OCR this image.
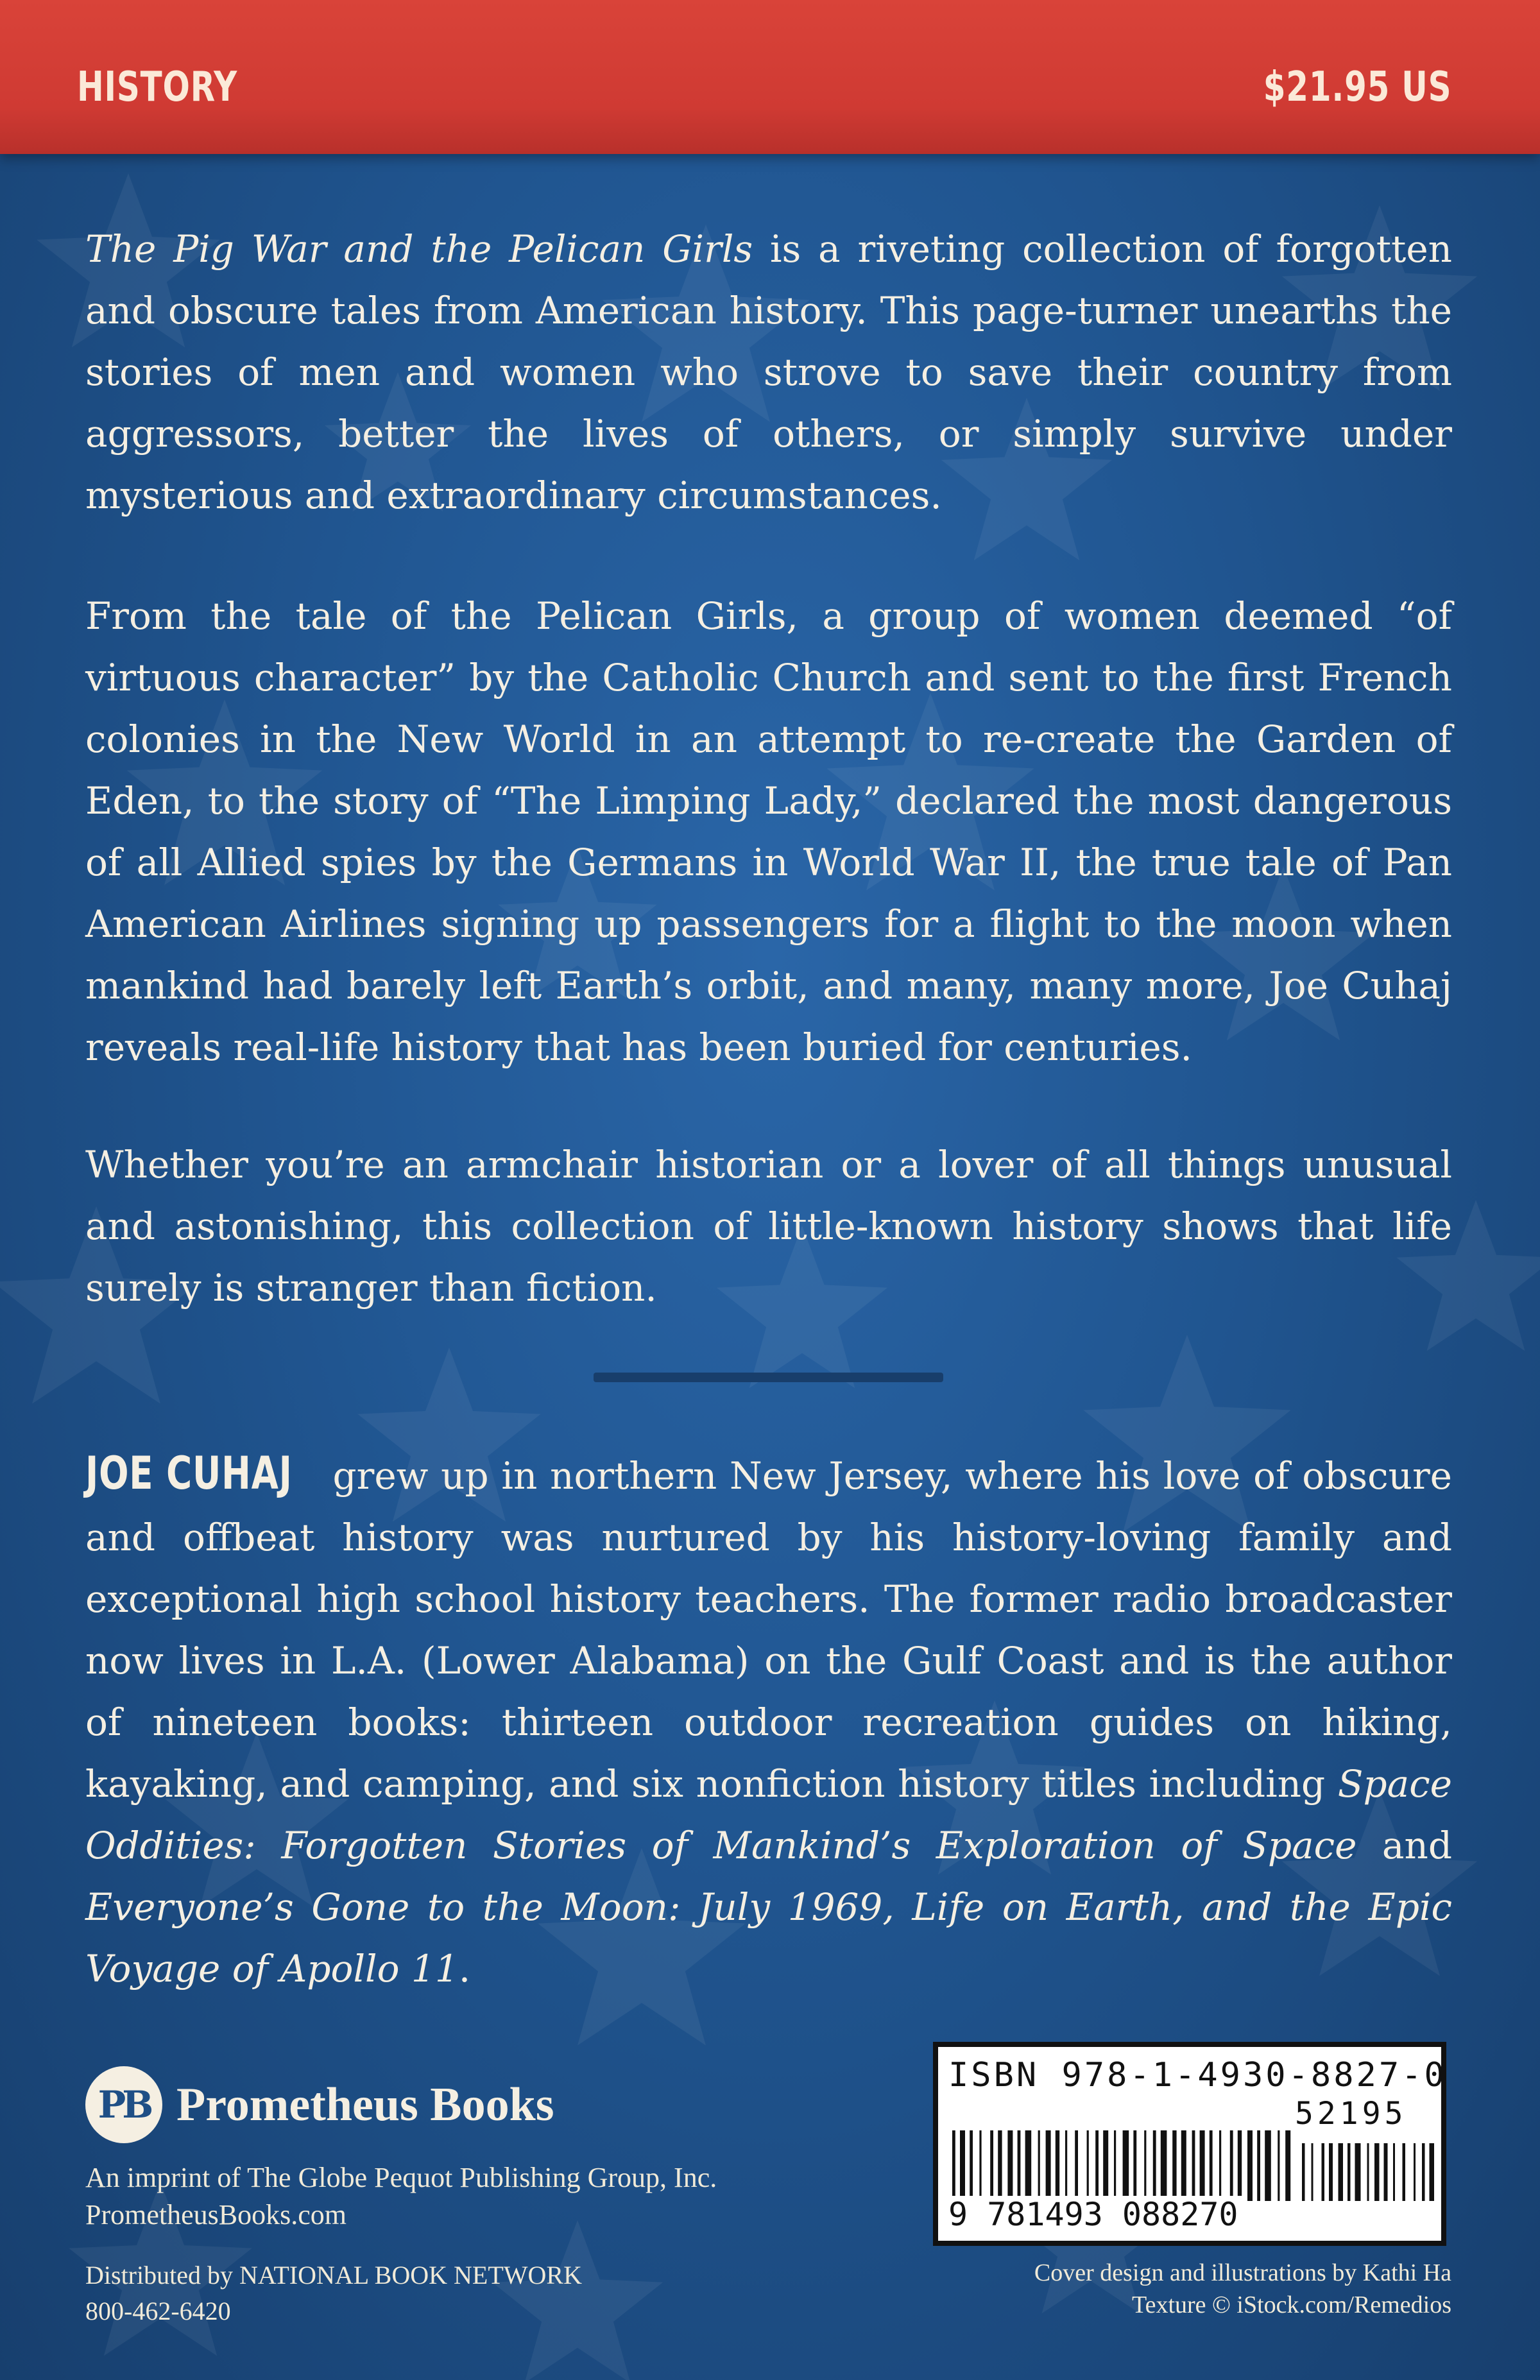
HISTORY	$21.95 US

The Pig War and the Pelican Girls is a riveting collection of forgotten and obscure tales from American history. This page-turner unearths the stories of men and women who strove to save their country from aggressors, better the lives of others, or simply survive under mysterious and extraordinary circumstances.

From the tale of the Pelican Girls, a group of women deemed “of virtuous character” by the Catholic Church and sent to the first French colonies in the New World in an attempt to re-create the Garden of Eden, to the story of “The Limping Lady,” declared the most dangerous of all Allied spies by the Germans in World War II, the true tale of Pan American Airlines signing up passengers for a flight to the moon when mankind had barely left Earth’s orbit, and many, many more, Joe Cuhaj reveals real-life history that has been buried for centuries.

Whether you’re an armchair historian or a lover of all things unusual and astonishing, this collection of little-known history shows that life surely is stranger than fiction.

JOE CUHAJ grew up in northern New Jersey, where his love of obscure and offbeat history was nurtured by his history-loving family and exceptional high school history teachers. The former radio broadcaster now lives in L.A. (Lower Alabama) on the Gulf Coast and is the author of nineteen books: thirteen outdoor recreation guides on hiking, kayaking, and camping, and six nonfiction history titles including Space Oddities: Forgotten Stories of Mankind’s Exploration of Space and Everyone’s Gone to the Moon: July 1969, Life on Earth, and the Epic Voyage of Apollo 11.

PB Prometheus Books
An imprint of The Globe Pequot Publishing Group, Inc.
PrometheusBooks.com
Distributed by NATIONAL BOOK NETWORK
800-462-6420
ISBN 978-1-4930-8827-0
52195
9 781493 088270
Cover design and illustrations by Kathi Ha
Texture © iStock.com/Remedios
